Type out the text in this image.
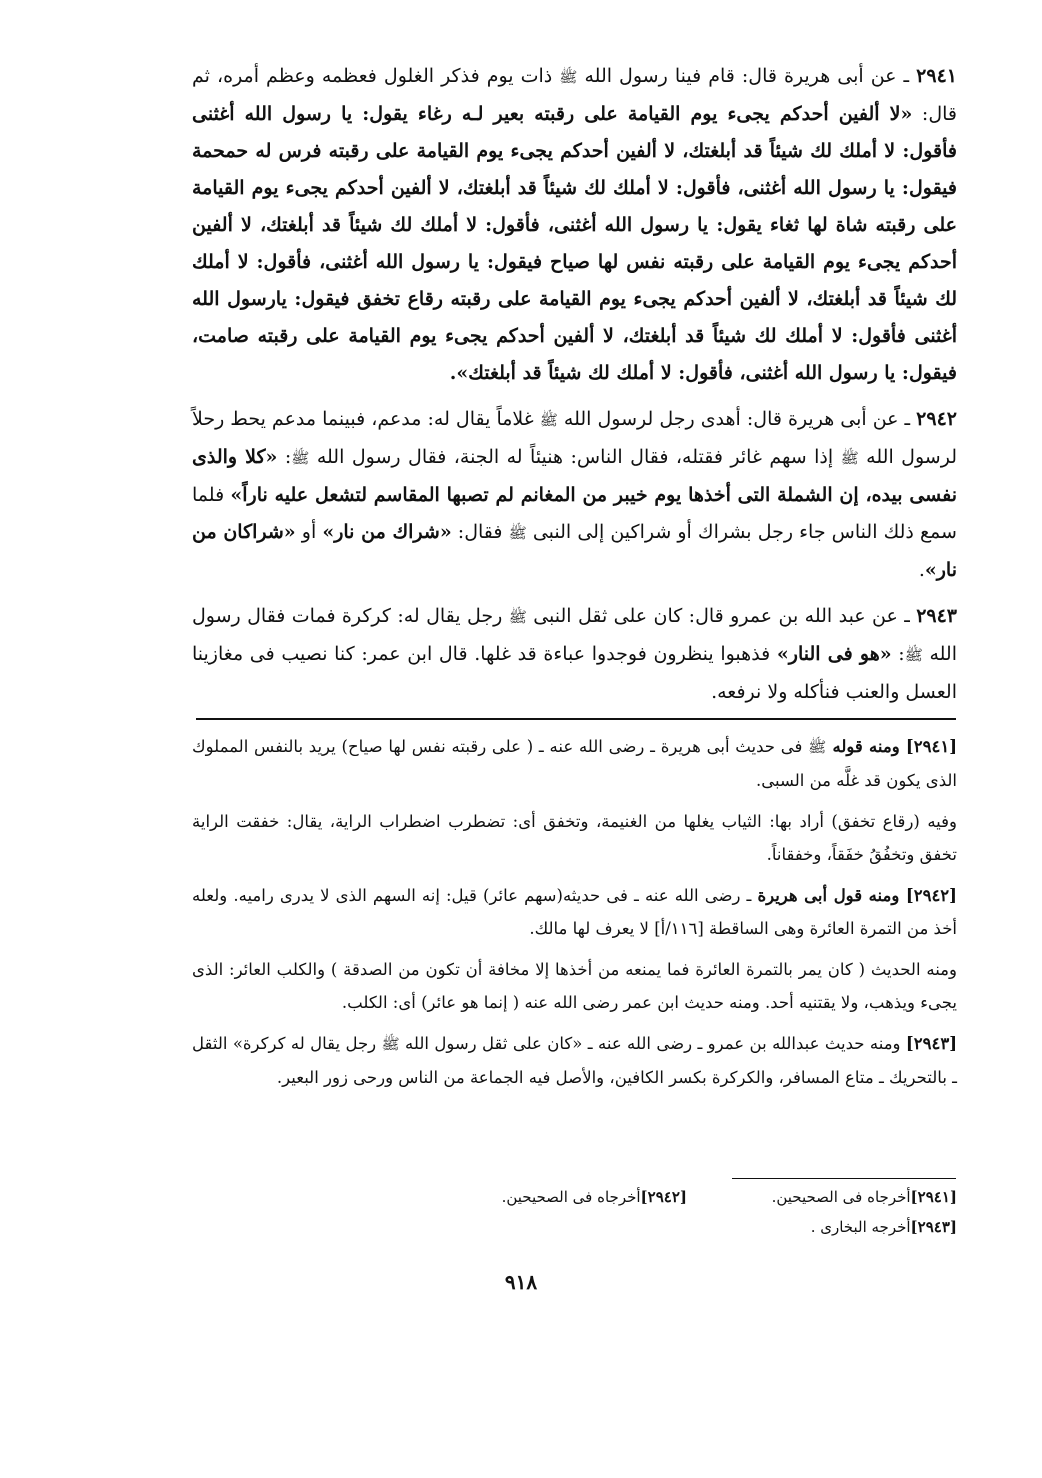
٢٩٤١ ـ عن أبى هريرة قال: قام فينا رسول الله ﷺ ذات يوم فذكر الغلول فعظمه وعظم أمره، ثم قال: «لا ألفين أحدكم يجىء يوم القيامة على رقبته بعير لـه رغاء يقول: يا رسول الله أغثنى فأقول: لا أملك لك شيئاً قد أبلغتك، لا ألفين أحدكم يجىء يوم القيامة على رقبته فرس له حمحمة فيقول: يا رسول الله أغثنى، فأقول: لا أملك لك شيئاً قد أبلغتك، لا ألفين أحدكم يجىء يوم القيامة على رقبته شاة لها ثغاء يقول: يا رسول الله أغثنى، فأقول: لا أملك لك شيئاً قد أبلغتك، لا ألفين أحدكم يجىء يوم القيامة على رقبته نفس لها صياح فيقول: يا رسول الله أغثنى، فأقول: لا أملك لك شيئاً قد أبلغتك، لا ألفين أحدكم يجىء يوم القيامة على رقبته رقاع تخفق فيقول: يارسول الله أغثنى فأقول: لا أملك لك شيئاً قد أبلغتك، لا ألفين أحدكم يجىء يوم القيامة على رقبته صامت، فيقول: يا رسول الله أغثنى، فأقول: لا أملك لك شيئاً قد أبلغتك».

٢٩٤٢ ـ عن أبى هريرة قال: أهدى رجل لرسول الله ﷺ غلاماً يقال له: مدعم، فبينما مدعم يحط رحلاً لرسول الله ﷺ إذا سهم غائر فقتله، فقال الناس: هنيئاً له الجنة، فقال رسول الله ﷺ: «كلا والذى نفسى بيده، إن الشملة التى أخذها يوم خيبر من المغانم لم تصبها المقاسم لتشعل عليه ناراً» فلما سمع ذلك الناس جاء رجل بشراك أو شراكين إلى النبى ﷺ فقال: «شراك من نار» أو «شراكان من نار».

٢٩٤٣ ـ عن عبد الله بن عمرو قال: كان على ثقل النبى ﷺ رجل يقال له: كركرة فمات فقال رسول الله ﷺ: «هو فى النار» فذهبوا ينظرون فوجدوا عباءة قد غلها. قال ابن عمر: كنا نصيب فى مغازينا العسل والعنب فنأكله ولا نرفعه.

[٢٩٤١] ومنه قوله ﷺ فى حديث أبى هريرة ـ رضى الله عنه ـ ( على رقبته نفس لها صياح) يريد بالنفس المملوك الذى يكون قد غلَّه من السبى.

وفيه (رقاع تخفق) أراد بها: الثياب يغلها من الغنيمة، وتخفق أى: تضطرب اضطراب الراية، يقال: خفقت الراية تخفق وتخفُقُ خفَقاً، وخفقاناً.

[٢٩٤٢] ومنه قول أبى هريرة ـ رضى الله عنه ـ فى حديثه(سهم عائر) قيل: إنه السهم الذى لا يدرى راميه. ولعله أخذ من التمرة العائرة وهى الساقطة [١١٦/أ] لا يعرف لها مالك.

ومنه الحديث ( كان يمر بالتمرة العائرة فما يمنعه من أخذها إلا مخافة أن تكون من الصدقة ) والكلب العائر: الذى يجىء ويذهب، ولا يقتنيه أحد. ومنه حديث ابن عمر رضى الله عنه ( إنما هو عائر) أى: الكلب.

[٢٩٤٣] ومنه حديث عبدالله بن عمرو ـ رضى الله عنه ـ «كان على ثقل رسول الله ﷺ رجل يقال له كركرة» الثقل ـ بالتحريك ـ متاع المسافر، والكركرة بكسر الكافين، والأصل فيه الجماعة من الناس ورحى زور البعير.

[٢٩٤١]أخرجاه فى الصحيحين.
[٢٩٤٢]أخرجاه فى الصحيحين.
[٢٩٤٣]أخرجه البخارى .
٩١٨
